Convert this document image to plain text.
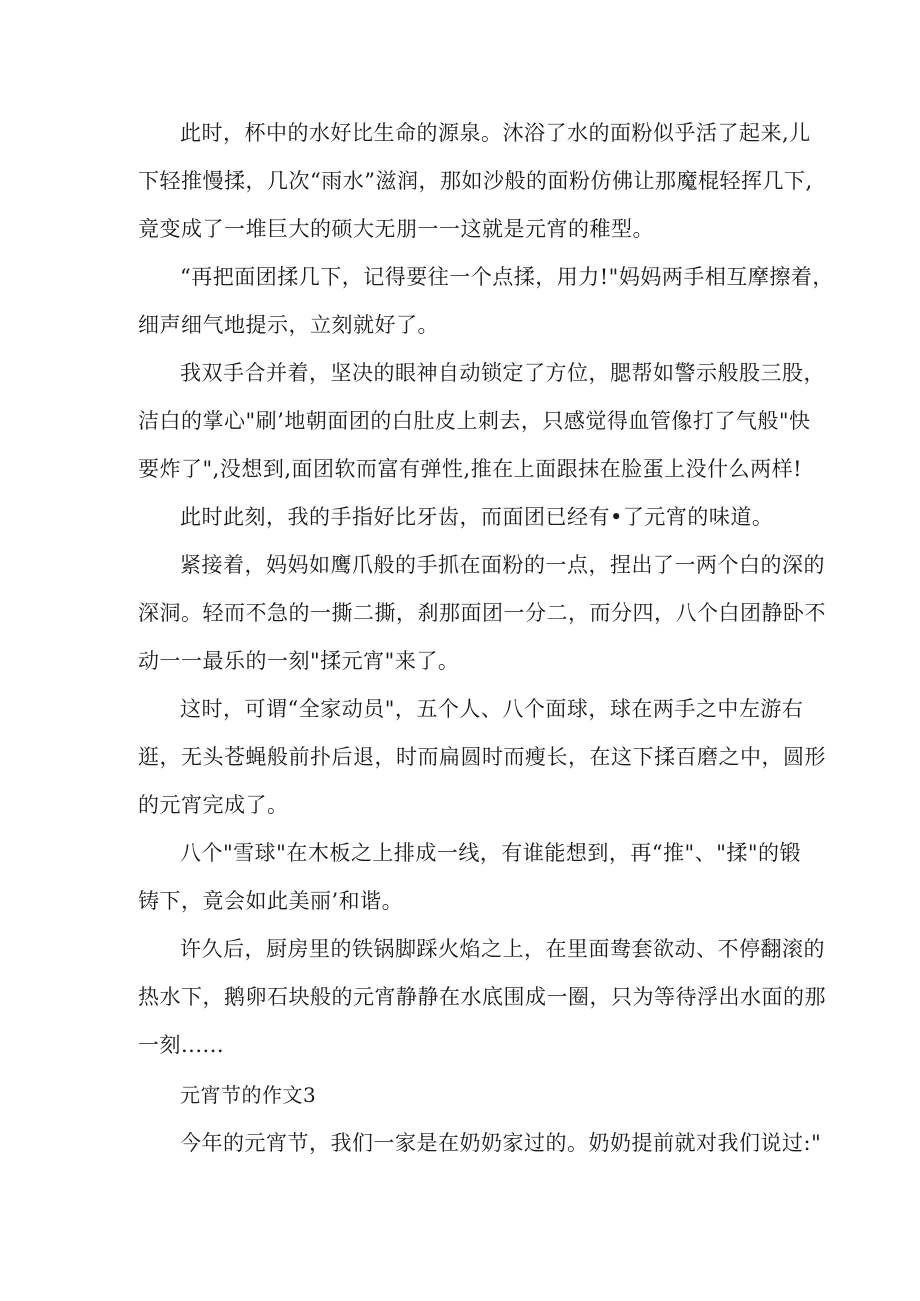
此时，杯中的水好比生命的源泉。沐浴了水的面粉似乎活了起来,儿
下轻推慢揉，几次“雨水”滋润，那如沙般的面粉仿佛让那魔棍轻挥几下,
竟变成了一堆巨大的硕大无朋一一这就是元宵的稚型。
“再把面团揉几下，记得要往一个点揉，用力!"妈妈两手相互摩擦着，
细声细气地提示，立刻就好了。
我双手合并着，坚决的眼神自动锁定了方位，腮帮如警示般股三股，
洁白的掌心"刷’地朝面团的白肚皮上刺去，只感觉得血管像打了气般"快
要炸了",没想到,面团软而富有弹性,推在上面跟抹在脸蛋上没什么两样!
此时此刻，我的手指好比牙齿，而面团已经有•了元宵的味道。
紧接着，妈妈如鹰爪般的手抓在面粉的一点，捏出了一两个白的深的
深洞。轻而不急的一撕二撕，刹那面团一分二，而分四，八个白团静卧不
动一一最乐的一刻"揉元宵"来了。
这时，可谓“全家动员"，五个人、八个面球，球在两手之中左游右
逛，无头苍蝇般前扑后退，时而扁圆时而瘦长，在这下揉百磨之中，圆形
的元宵完成了。
八个"雪球"在木板之上排成一线，有谁能想到，再“推"、"揉"的锻
铸下，竟会如此美丽’和谐。
许久后，厨房里的铁锅脚踩火焰之上，在里面鸯套欲动、不停翻滚的
热水下，鹅卵石块般的元宵静静在水底围成一圈，只为等待浮出水面的那
一刻......
元宵节的作文3
今年的元宵节，我们一家是在奶奶家过的。奶奶提前就对我们说过:"
